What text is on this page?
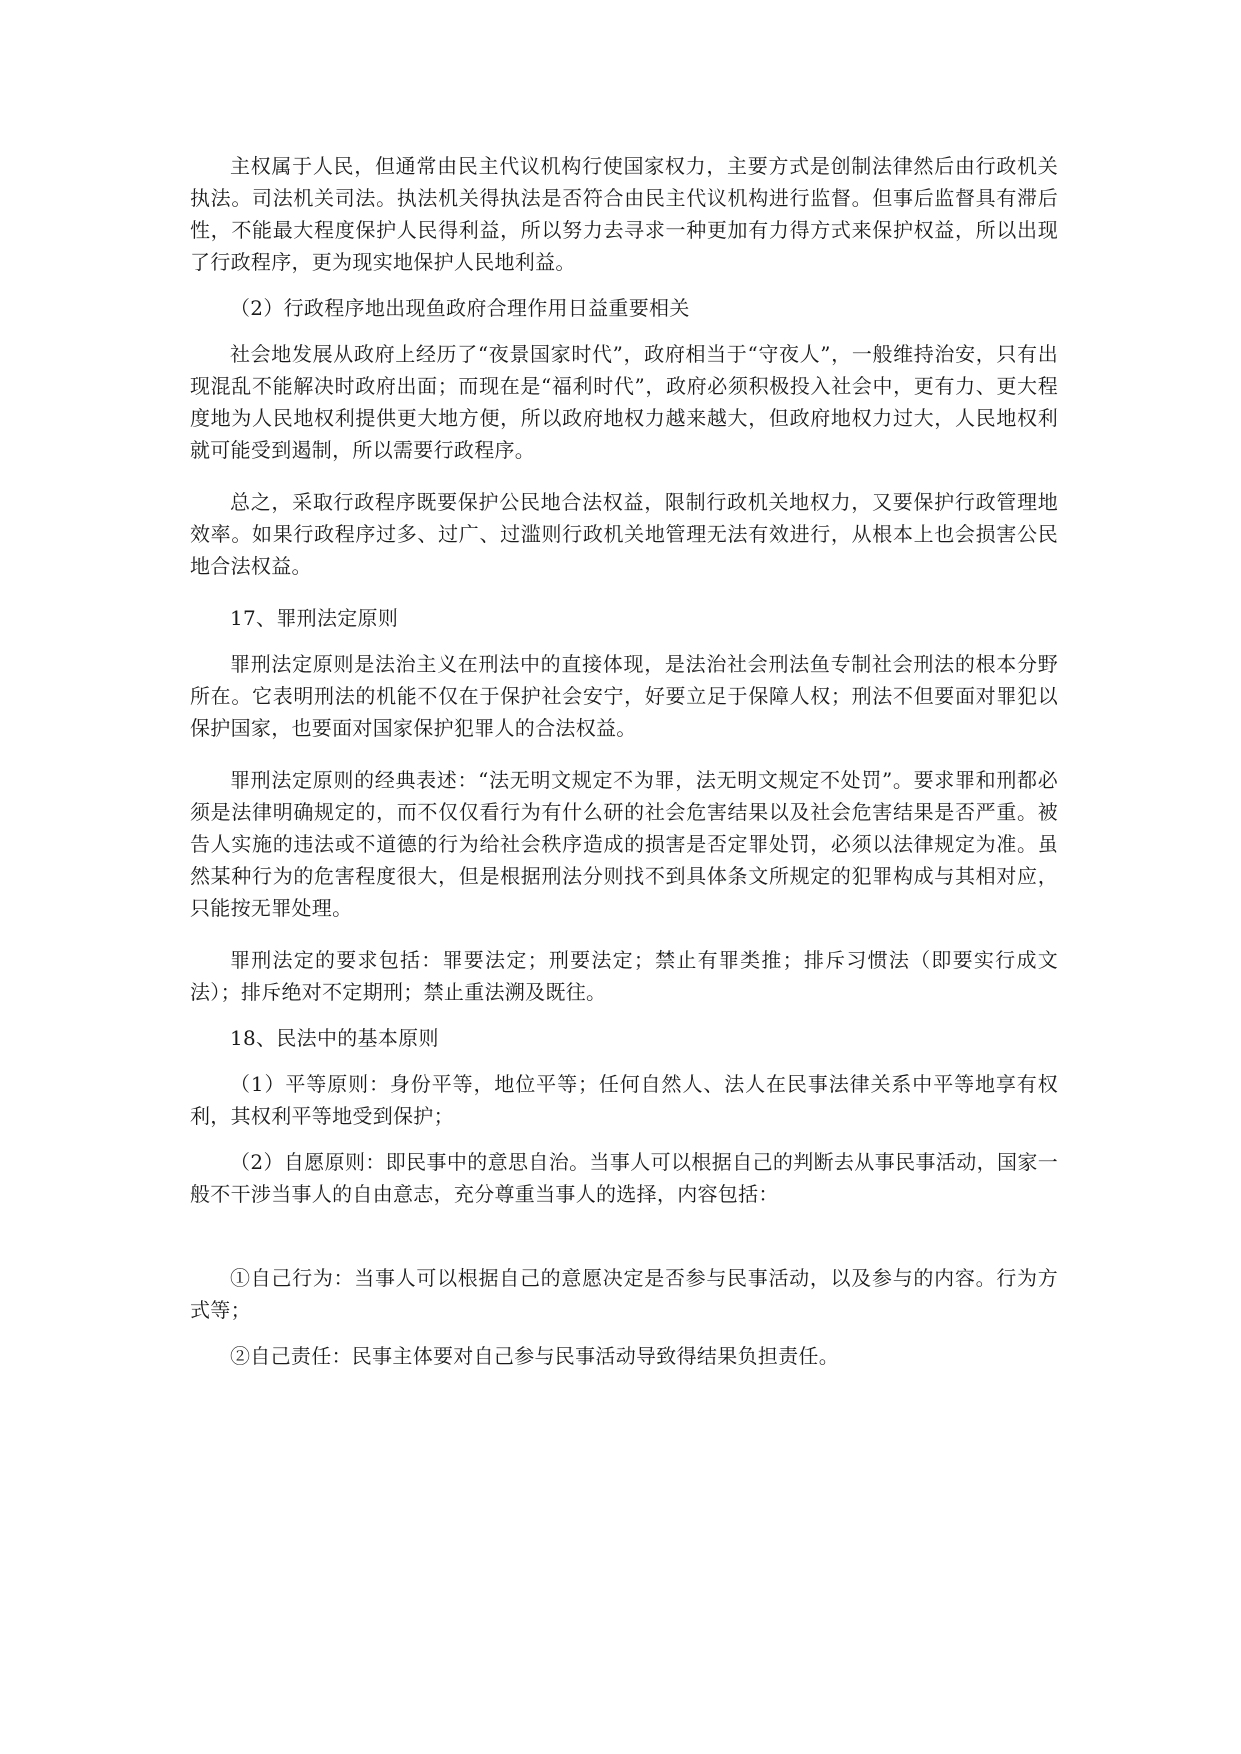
主权属于人民，但通常由民主代议机构行使国家权力，主要方式是创制法律然后由行政机关执法。司法机关司法。执法机关得执法是否符合由民主代议机构进行监督。但事后监督具有滞后性，不能最大程度保护人民得利益，所以努力去寻求一种更加有力得方式来保护权益，所以出现了行政程序，更为现实地保护人民地利益。

（2）行政程序地出现鱼政府合理作用日益重要相关

社会地发展从政府上经历了“夜景国家时代”，政府相当于“守夜人”，一般维持治安，只有出现混乱不能解决时政府出面；而现在是“福利时代”，政府必须积极投入社会中，更有力、更大程度地为人民地权利提供更大地方便，所以政府地权力越来越大，但政府地权力过大，人民地权利就可能受到遏制，所以需要行政程序。

总之，采取行政程序既要保护公民地合法权益，限制行政机关地权力，又要保护行政管理地效率。如果行政程序过多、过广、过滥则行政机关地管理无法有效进行，从根本上也会损害公民地合法权益。

17、罪刑法定原则

罪刑法定原则是法治主义在刑法中的直接体现，是法治社会刑法鱼专制社会刑法的根本分野所在。它表明刑法的机能不仅在于保护社会安宁，好要立足于保障人权；刑法不但要面对罪犯以保护国家，也要面对国家保护犯罪人的合法权益。

罪刑法定原则的经典表述：“法无明文规定不为罪，法无明文规定不处罚”。要求罪和刑都必须是法律明确规定的，而不仅仅看行为有什么研的社会危害结果以及社会危害结果是否严重。被告人实施的违法或不道德的行为给社会秩序造成的损害是否定罪处罚，必须以法律规定为准。虽然某种行为的危害程度很大，但是根据刑法分则找不到具体条文所规定的犯罪构成与其相对应，只能按无罪处理。

罪刑法定的要求包括：罪要法定；刑要法定；禁止有罪类推；排斥习惯法（即要实行成文法）；排斥绝对不定期刑；禁止重法溯及既往。

18、民法中的基本原则

（1）平等原则：身份平等，地位平等；任何自然人、法人在民事法律关系中平等地享有权利，其权利平等地受到保护；

（2）自愿原则：即民事中的意思自治。当事人可以根据自己的判断去从事民事活动，国家一般不干涉当事人的自由意志，充分尊重当事人的选择，内容包括：

①自己行为：当事人可以根据自己的意愿决定是否参与民事活动，以及参与的内容。行为方式等；

②自己责任：民事主体要对自己参与民事活动导致得结果负担责任。
